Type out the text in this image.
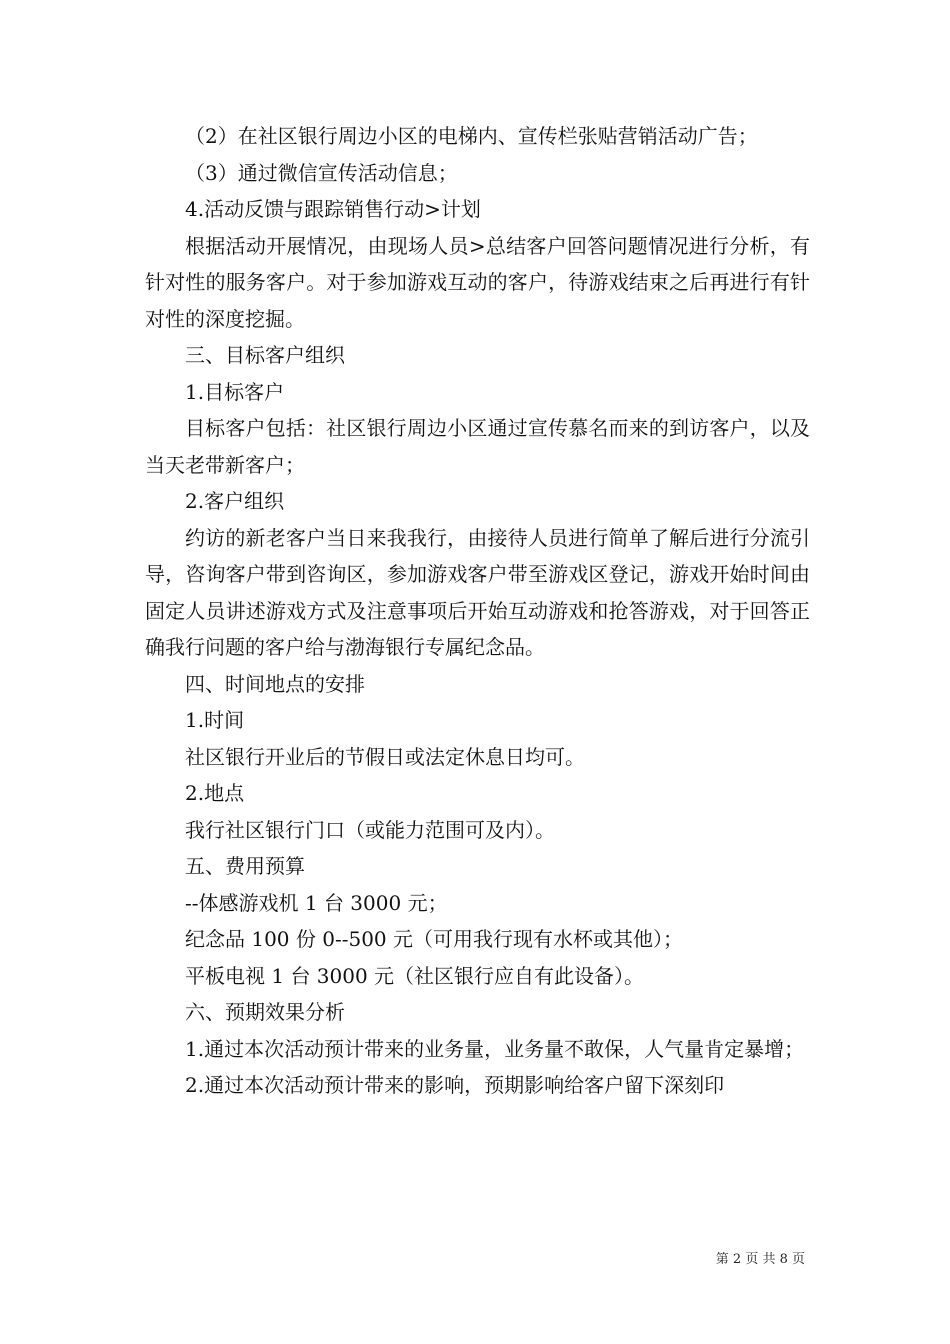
（2）在社区银行周边小区的电梯内、宣传栏张贴营销活动广告；

（3）通过微信宣传活动信息；

4.活动反馈与跟踪销售行动>计划

根据活动开展情况，由现场人员>总结客户回答问题情况进行分析，有针对性的服务客户。对于参加游戏互动的客户，待游戏结束之后再进行有针对性的深度挖掘。

三、目标客户组织

1.目标客户

目标客户包括：社区银行周边小区通过宣传慕名而来的到访客户，以及当天老带新客户；

2.客户组织

约访的新老客户当日来我我行，由接待人员进行简单了解后进行分流引导，咨询客户带到咨询区，参加游戏客户带至游戏区登记，游戏开始时间由固定人员讲述游戏方式及注意事项后开始互动游戏和抢答游戏，对于回答正确我行问题的客户给与渤海银行专属纪念品。

四、时间地点的安排

1.时间

社区银行开业后的节假日或法定休息日均可。

2.地点

我行社区银行门口（或能力范围可及内）。

五、费用预算

--体感游戏机 1 台 3000 元；

纪念品 100 份 0--500 元（可用我行现有水杯或其他）；

平板电视 1 台 3000 元（社区银行应自有此设备）。

六、预期效果分析

1.通过本次活动预计带来的业务量，业务量不敢保，人气量肯定暴增；

2.通过本次活动预计带来的影响，预期影响给客户留下深刻印

第 2 页 共 8 页
